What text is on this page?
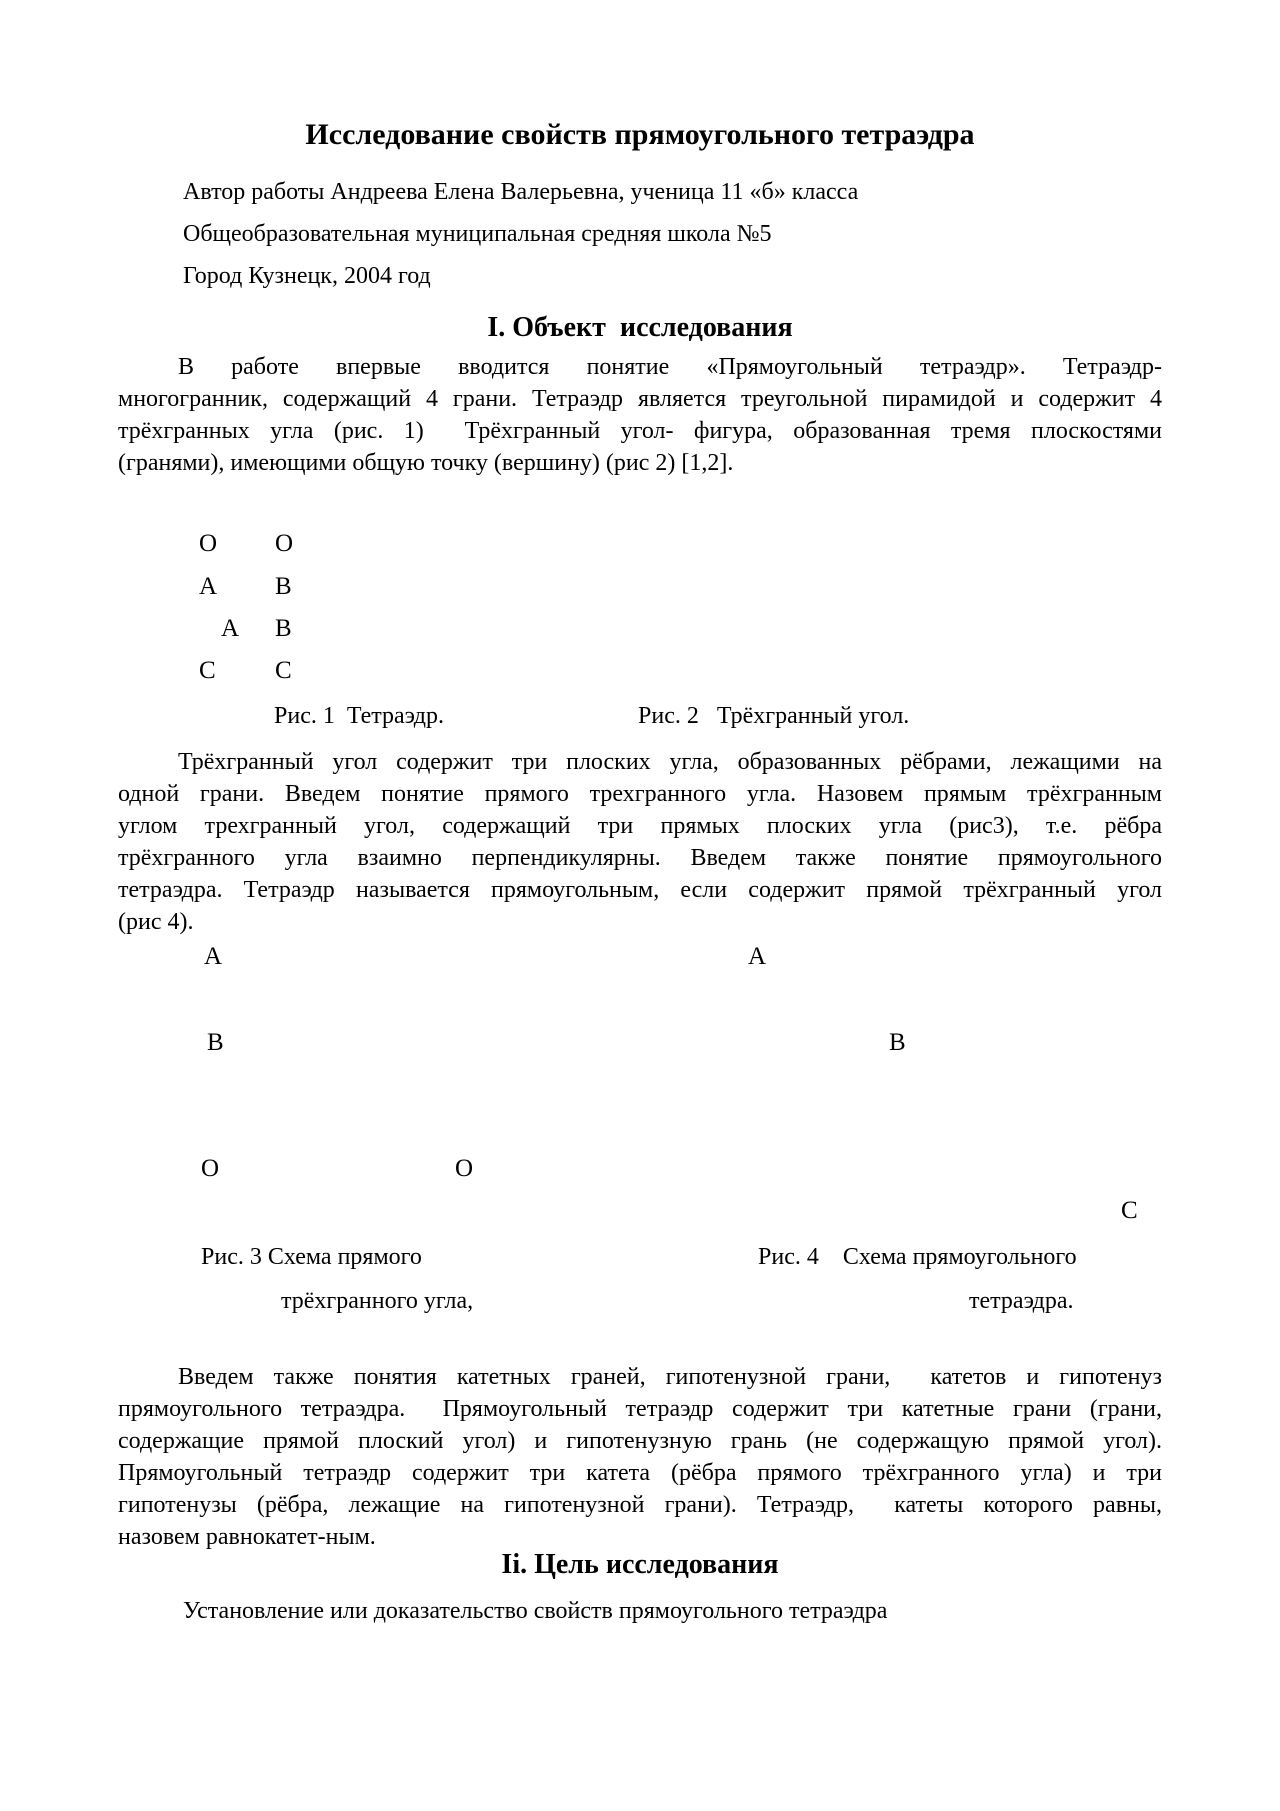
Исследование свойств прямоугольного тетраэдра
Автор работы Андреева Елена Валерьевна, ученица 11 «б» класса
Общеобразовательная муниципальная средняя школа №5
Город Кузнецк, 2004 год
I. Объект  исследования
В работе впервые вводится понятие «Прямоугольный тетраэдр». Тетраэдр-
многогранник, содержащий 4 грани. Тетраэдр является треугольной пирамидой и содержит 4
трёхгранных угла (рис. 1)  Трёхгранный угол- фигура, образованная тремя плоскостями
(гранями), имеющими общую точку (вершину) (рис 2) [1,2].
O O
A B
A B
C C
Рис. 1  Тетраэдр.	Рис. 2   Трёхгранный угол.
Трёхгранный угол содержит три плоских угла, образованных рёбрами, лежащими на
одной грани. Введем понятие прямого трехгранного угла. Назовем прямым трёхгранным
углом трехгранный угол, содержащий три прямых плоских угла (рис3), т.е. рёбра
трёхгранного угла взаимно перпендикулярны. Введем также понятие прямоугольного
тетраэдра. Тетраэдр называется прямоугольным, если содержит прямой трёхгранный угол
(рис 4).
A	A
B	B
O	O
C
Рис. 3 Схема прямого	Рис. 4    Схема прямоугольного
трёхгранного угла,	тетраэдра.
Введем также понятия катетных граней, гипотенузной грани,  катетов и гипотенуз
прямоугольного тетраэдра.  Прямоугольный тетраэдр содержит три катетные грани (грани,
содержащие прямой плоский угол) и гипотенузную грань (не содержащую прямой угол).
Прямоугольный тетраэдр содержит три катета (рёбра прямого трёхгранного угла) и три
гипотенузы (рёбра, лежащие на гипотенузной грани). Тетраэдр,  катеты которого равны,
назовем равнокатет-ным.
Ii. Цель исследования
Установление или доказательство свойств прямоугольного тетраэдра
